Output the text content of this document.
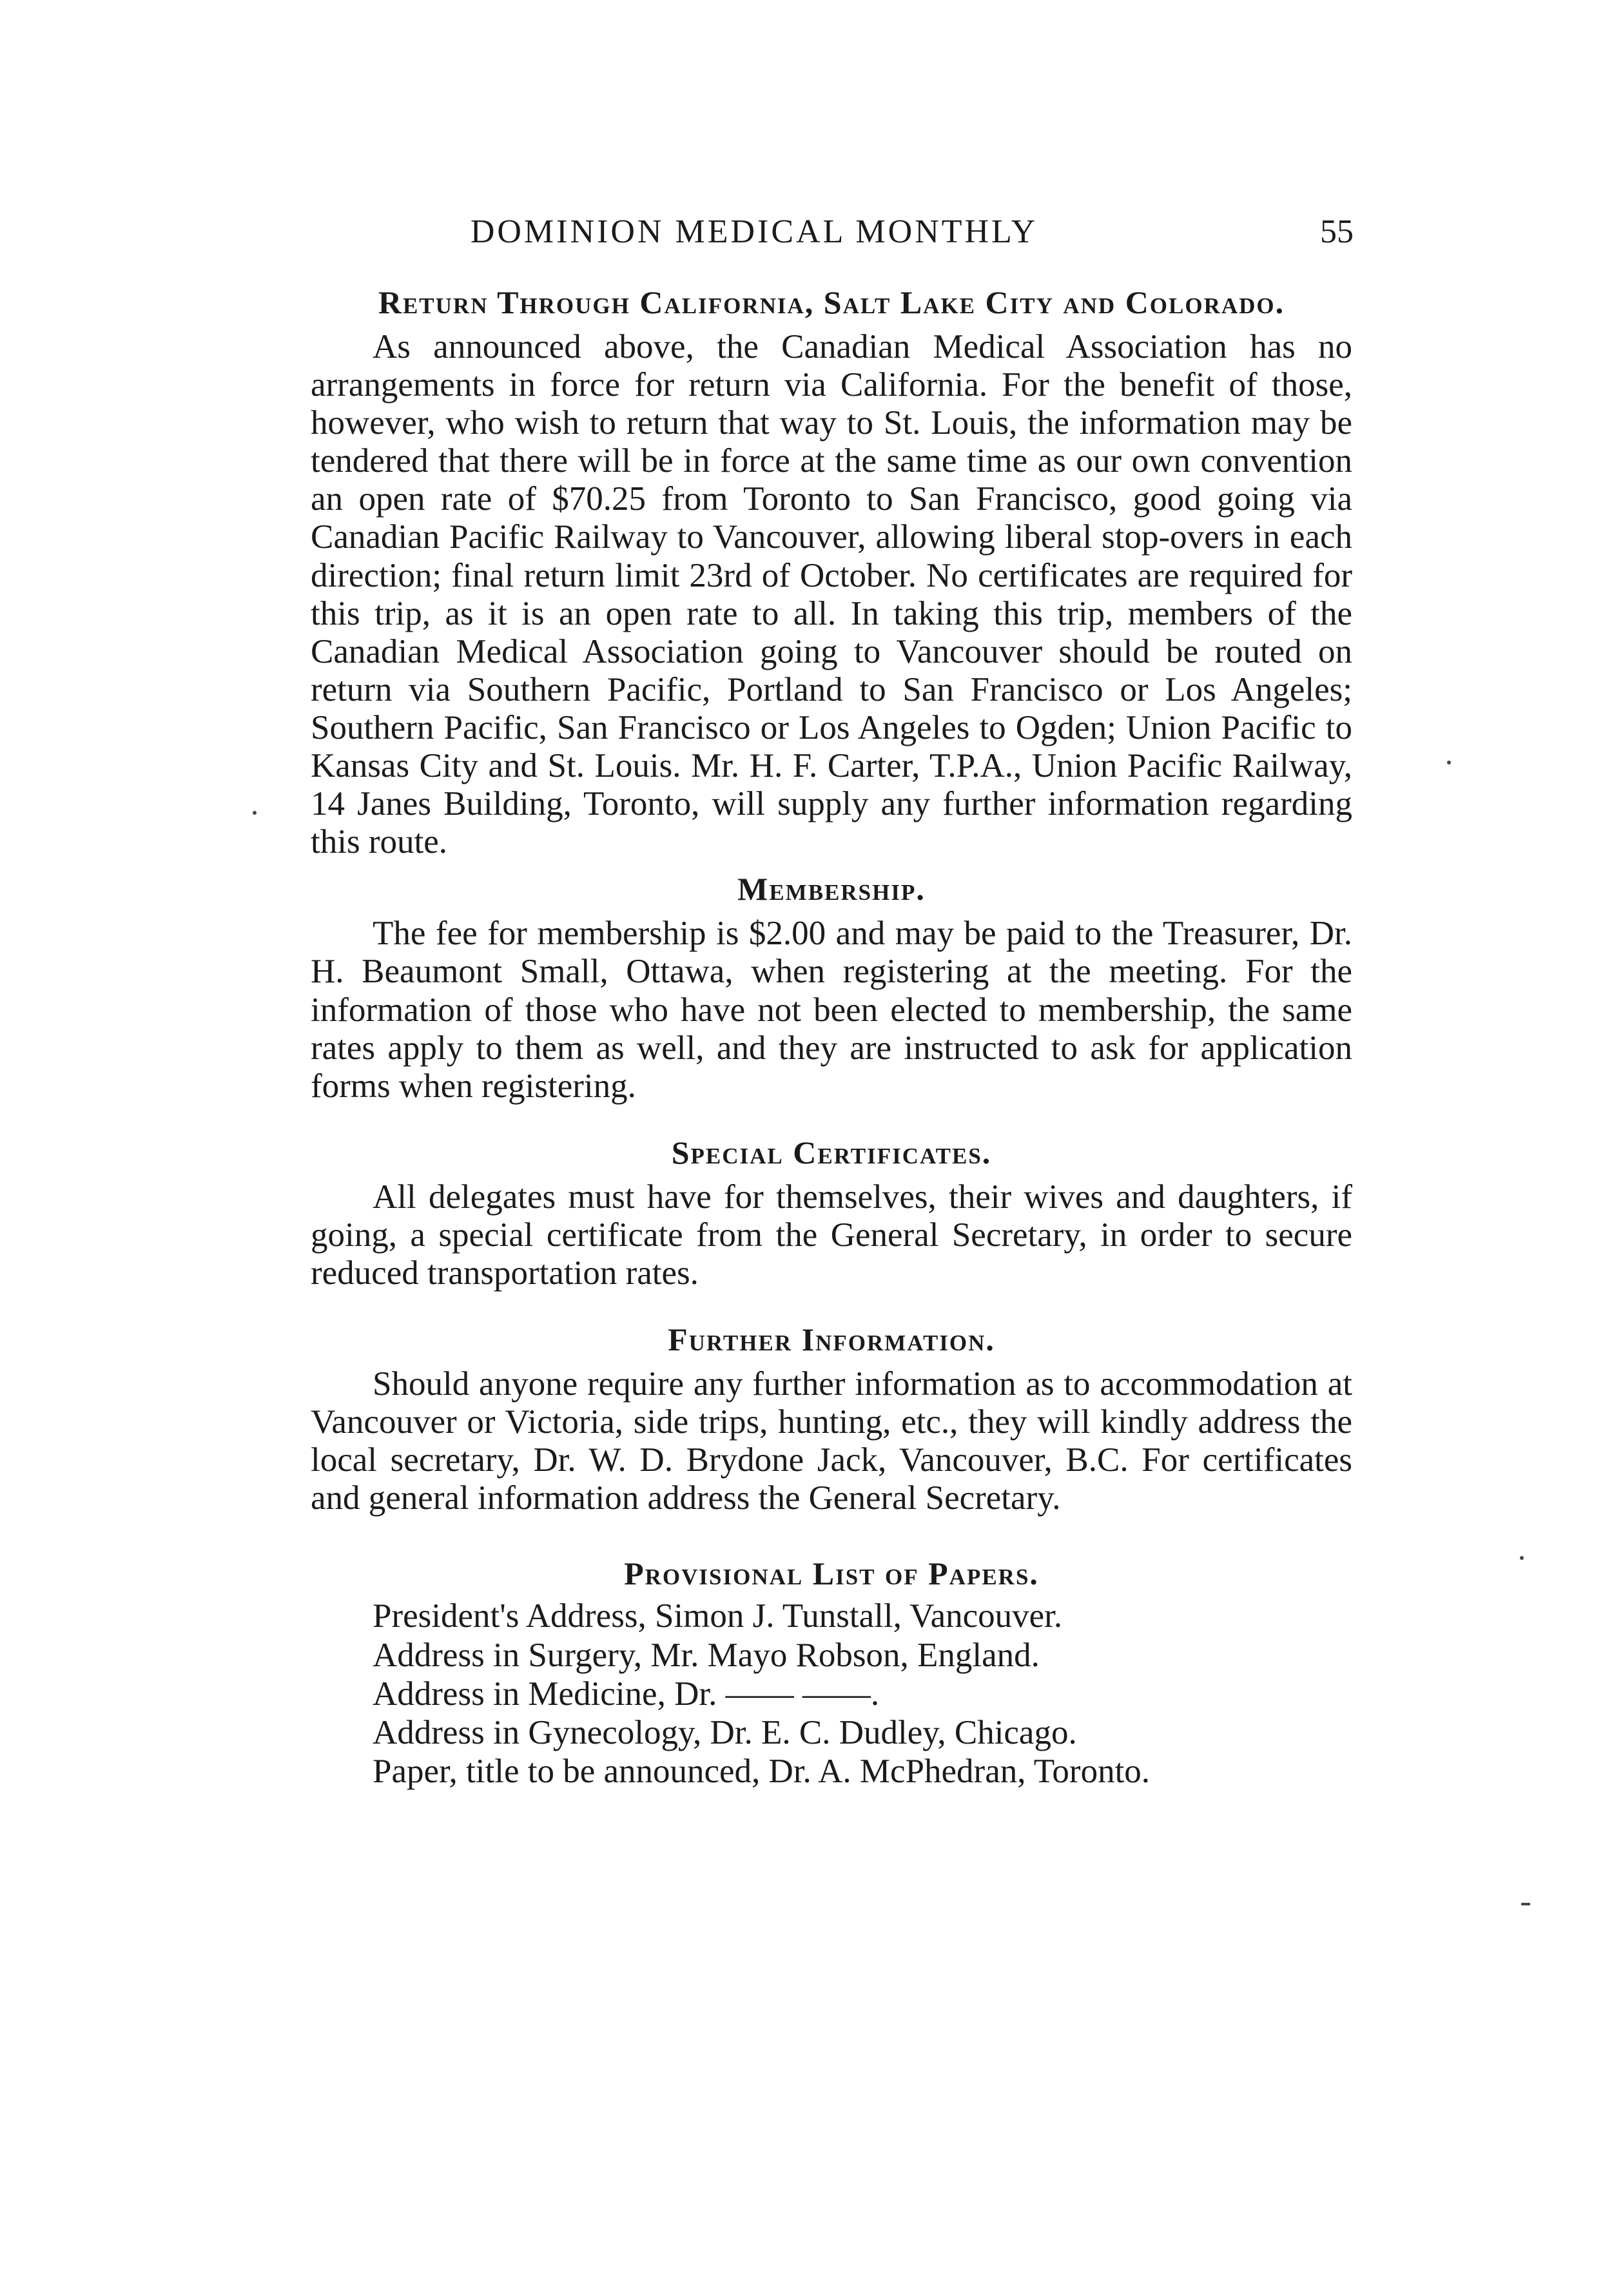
DOMINION MEDICAL MONTHLY	55
Return Through California, Salt Lake City and Colorado.

As announced above, the Canadian Medical Association has no arrangements in force for return via California. For the benefit of those, however, who wish to return that way to St. Louis, the information may be tendered that there will be in force at the same time as our own convention an open rate of $70.25 from Toronto to San Francisco, good going via Canadian Pacific Railway to Vancouver, allowing liberal stop-overs in each direction; final return limit 23rd of October. No certificates are required for this trip, as it is an open rate to all. In taking this trip, members of the Canadian Medical Association going to Vancouver should be routed on return via Southern Pacific, Portland to San Francisco or Los Angeles; Southern Pacific, San Francisco or Los Angeles to Ogden; Union Pacific to Kansas City and St. Louis. Mr. H. F. Carter, T.P.A., Union Pacific Railway, 14 Janes Building, Toronto, will supply any further information regarding this route.

Membership.

The fee for membership is $2.00 and may be paid to the Treasurer, Dr. H. Beaumont Small, Ottawa, when registering at the meeting. For the information of those who have not been elected to membership, the same rates apply to them as well, and they are instructed to ask for application forms when registering.

Special Certificates.

All delegates must have for themselves, their wives and daughters, if going, a special certificate from the General Secretary, in order to secure reduced transportation rates.

Further Information.

Should anyone require any further information as to accommodation at Vancouver or Victoria, side trips, hunting, etc., they will kindly address the local secretary, Dr. W. D. Brydone Jack, Vancouver, B.C. For certificates and general information address the General Secretary.

Provisional List of Papers.
President's Address, Simon J. Tunstall, Vancouver.
Address in Surgery, Mr. Mayo Robson, England.
Address in Medicine, Dr. —— ——.
Address in Gynecology, Dr. E. C. Dudley, Chicago.
Paper, title to be announced, Dr. A. McPhedran, Toronto.
